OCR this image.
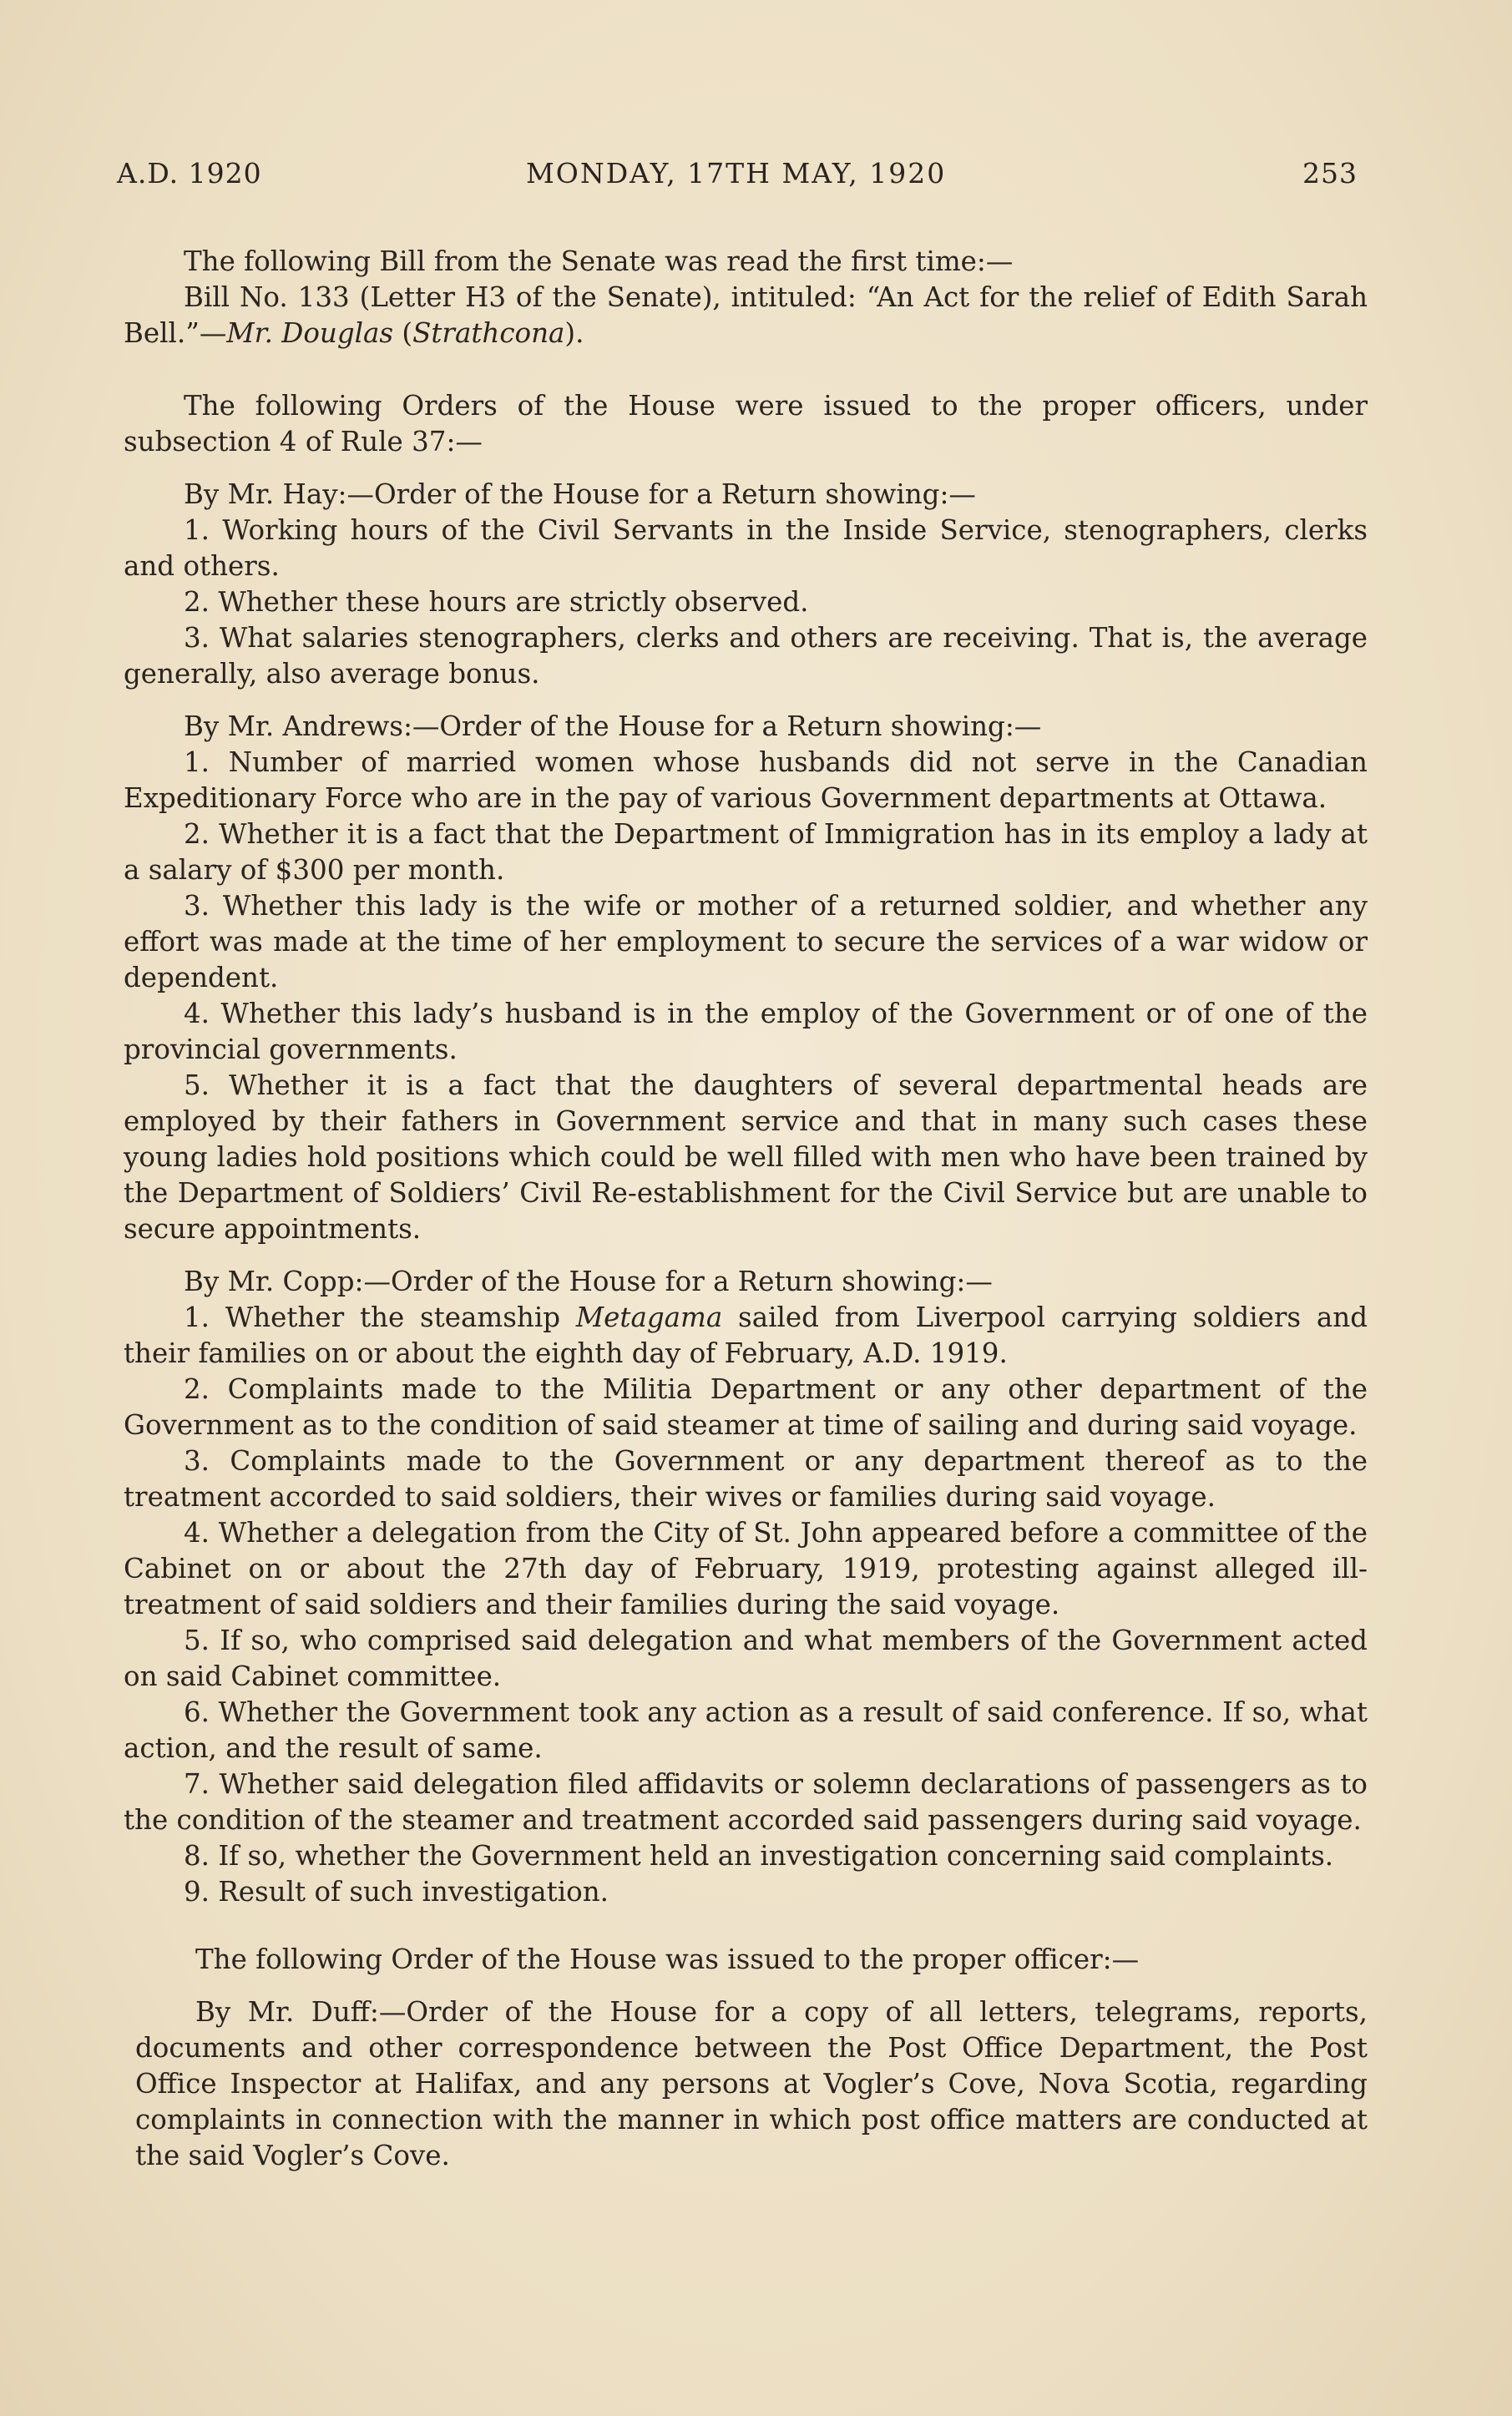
A.D. 1920	MONDAY, 17TH MAY, 1920	253

The following Bill from the Senate was read the first time:—

Bill No. 133 (Letter H3 of the Senate), intituled: “An Act for the relief of Edith Sarah Bell.”—Mr. Douglas (Strathcona).

The following Orders of the House were issued to the proper officers, under subsection 4 of Rule 37:—

By Mr. Hay:—Order of the House for a Return showing:—

1. Working hours of the Civil Servants in the Inside Service, stenographers, clerks and others.

2. Whether these hours are strictly observed.

3. What salaries stenographers, clerks and others are receiving. That is, the average generally, also average bonus.

By Mr. Andrews:—Order of the House for a Return showing:—

1. Number of married women whose husbands did not serve in the Canadian Expeditionary Force who are in the pay of various Government departments at Ottawa.

2. Whether it is a fact that the Department of Immigration has in its employ a lady at a salary of $300 per month.

3. Whether this lady is the wife or mother of a returned soldier, and whether any effort was made at the time of her employment to secure the services of a war widow or dependent.

4. Whether this lady’s husband is in the employ of the Government or of one of the provincial governments.

5. Whether it is a fact that the daughters of several departmental heads are employed by their fathers in Government service and that in many such cases these young ladies hold positions which could be well filled with men who have been trained by the Department of Soldiers’ Civil Re-establishment for the Civil Service but are unable to secure appointments.

By Mr. Copp:—Order of the House for a Return showing:—

1. Whether the steamship Metagama sailed from Liverpool carrying soldiers and their families on or about the eighth day of February, A.D. 1919.

2. Complaints made to the Militia Department or any other department of the Government as to the condition of said steamer at time of sailing and during said voyage.

3. Complaints made to the Government or any department thereof as to the treatment accorded to said soldiers, their wives or families during said voyage.

4. Whether a delegation from the City of St. John appeared before a committee of the Cabinet on or about the 27th day of February, 1919, protesting against alleged ill-treatment of said soldiers and their families during the said voyage.

5. If so, who comprised said delegation and what members of the Government acted on said Cabinet committee.

6. Whether the Government took any action as a result of said conference. If so, what action, and the result of same.

7. Whether said delegation filed affidavits or solemn declarations of passengers as to the condition of the steamer and treatment accorded said passengers during said voyage.

8. If so, whether the Government held an investigation concerning said complaints.

9. Result of such investigation.

The following Order of the House was issued to the proper officer:—

By Mr. Duff:—Order of the House for a copy of all letters, telegrams, reports, documents and other correspondence between the Post Office Department, the Post Office Inspector at Halifax, and any persons at Vogler’s Cove, Nova Scotia, regarding complaints in connection with the manner in which post office matters are conducted at the said Vogler’s Cove.
